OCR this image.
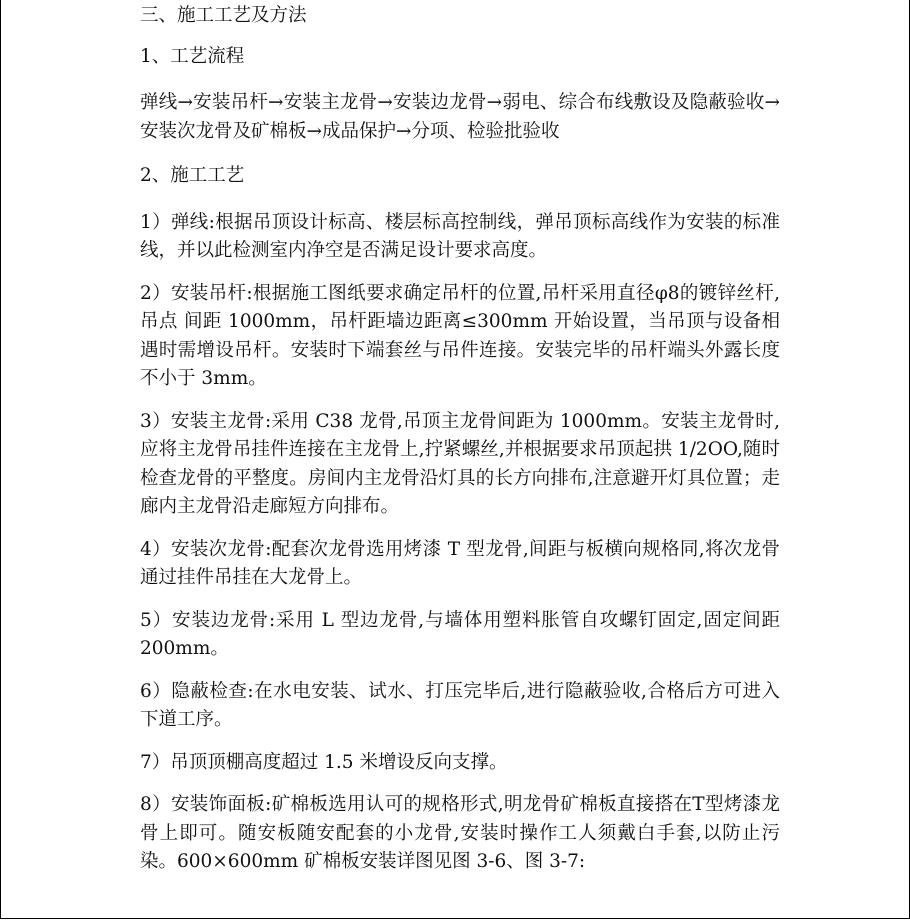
三、施工工艺及方法

1、工艺流程

弹线→安装吊杆→安装主龙骨→安装边龙骨→弱电、综合布线敷设及隐蔽验收→安装次龙骨及矿棉板→成品保护→分项、检验批验收

2、施工工艺

1）弹线:根据吊顶设计标高、楼层标高控制线，弹吊顶标高线作为安装的标准线，并以此检测室内净空是否满足设计要求高度。

2）安装吊杆:根据施工图纸要求确定吊杆的位置,吊杆采用直径φ8的镀锌丝杆,吊点 间距 1000mm，吊杆距墙边距离≤300mm 开始设置，当吊顶与设备相遇时需增设吊杆。安装时下端套丝与吊件连接。安装完毕的吊杆端头外露长度不小于 3mm。

3）安装主龙骨:采用 C38 龙骨,吊顶主龙骨间距为 1000mm。安装主龙骨时,应将主龙骨吊挂件连接在主龙骨上,拧紧螺丝,并根据要求吊顶起拱 1/2OO,随时检查龙骨的平整度。房间内主龙骨沿灯具的长方向排布,注意避开灯具位置；走廊内主龙骨沿走廊短方向排布。

4）安装次龙骨:配套次龙骨选用烤漆 T 型龙骨,间距与板横向规格同,将次龙骨通过挂件吊挂在大龙骨上。

5）安装边龙骨:采用 L 型边龙骨,与墙体用塑料胀管自攻螺钉固定,固定间距 200mm。

6）隐蔽检查:在水电安装、试水、打压完毕后,进行隐蔽验收,合格后方可进入下道工序。

7）吊顶顶棚高度超过 1.5 米增设反向支撑。

8）安装饰面板:矿棉板选用认可的规格形式,明龙骨矿棉板直接搭在T型烤漆龙骨上即可。随安板随安配套的小龙骨,安装时操作工人须戴白手套,以防止污染。600×600mm 矿棉板安装详图见图 3-6、图 3-7:
